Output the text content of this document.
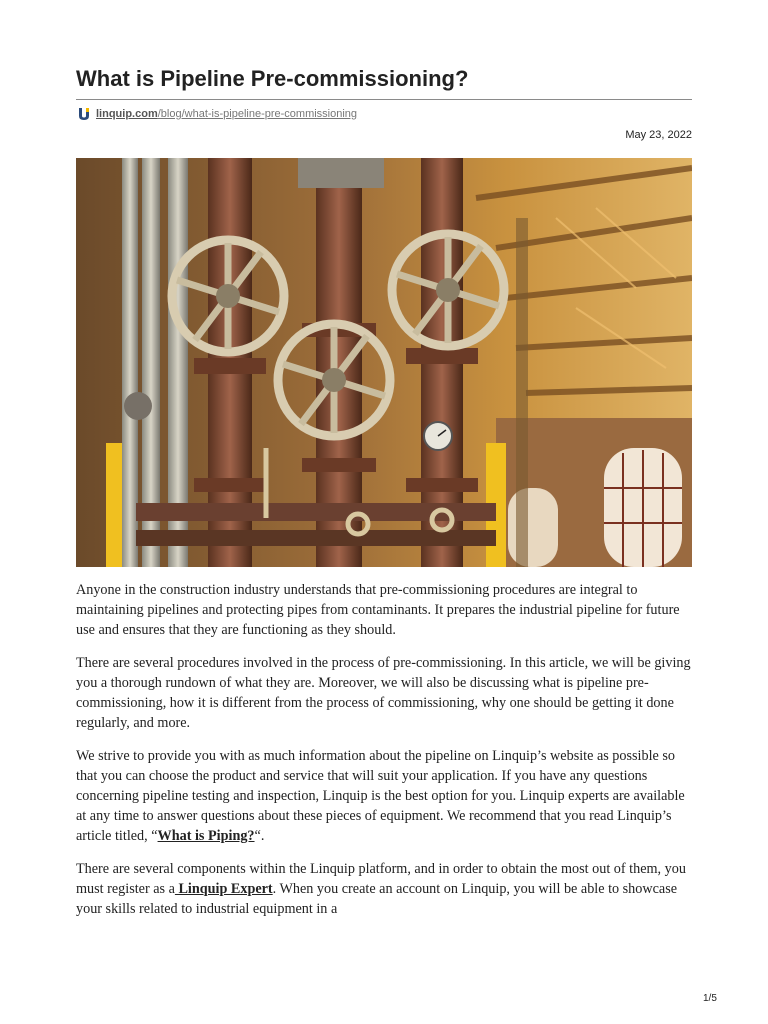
What is Pipeline Pre-commissioning?
linquip.com /blog/what-is-pipeline-pre-commissioning
May 23, 2022

Anyone in the construction industry understands that pre-commissioning procedures are integral to maintaining pipelines and protecting pipes from contaminants. It prepares the industrial pipeline for future use and ensures that they are functioning as they should.

There are several procedures involved in the process of pre-commissioning. In this article, we will be giving you a thorough rundown of what they are. Moreover, we will also be discussing what is pipeline pre-commissioning, how it is different from the process of commissioning, why one should be getting it done regularly, and more.

We strive to provide you with as much information about the pipeline on Linquip’s website as possible so that you can choose the product and service that will suit your application. If you have any questions concerning pipeline testing and inspection, Linquip is the best option for you. Linquip experts are available at any time to answer questions about these pieces of equipment. We recommend that you read Linquip’s article titled, “What is Piping?“.

There are several components within the Linquip platform, and in order to obtain the most out of them, you must register as a Linquip Expert. When you create an account on Linquip, you will be able to showcase your skills related to industrial equipment in a

1/5
